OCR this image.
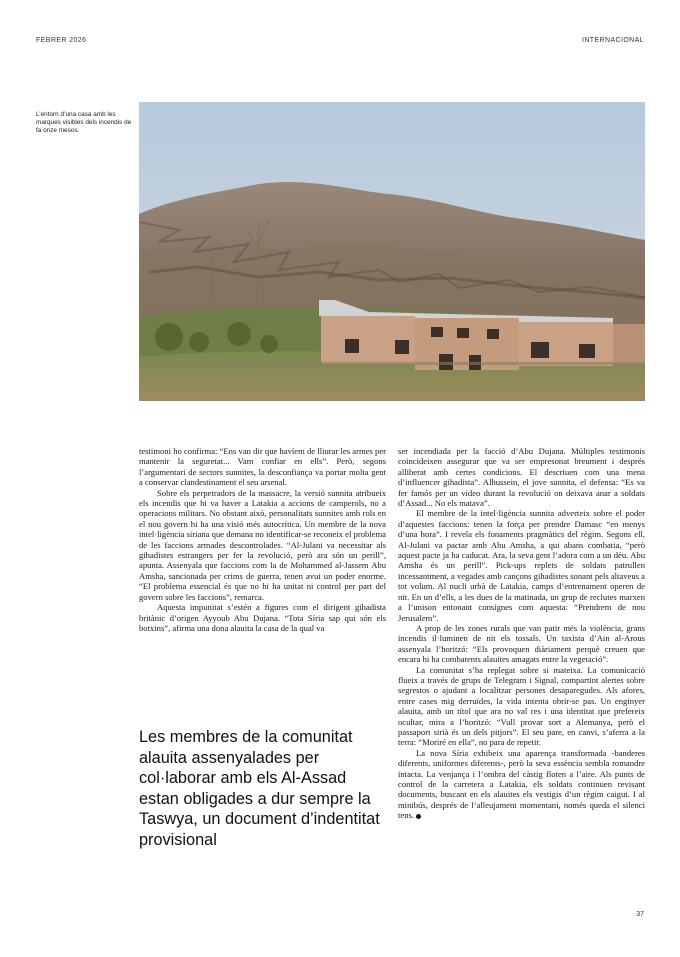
FEBRER 2026	INTERNACIONAL
L’entorn d’una casa amb les marques visibles dels incendis de fa onze mesos.

testimoni ho confirma: “Ens van dir que havíem de lliurar les armes per mantenir la seguretat... Vam confiar en ells”. Però, segons l’argumentari de sectors sunnites, la desconfiança va portar molta gent a conservar clandestinament el seu arsenal.

Sobre els perpetradors de la massacre, la versió sunnita atribueix els incendis que hi va haver a Latakia a accions de camperols, no a operacions militars. No obstant això, personalitats sunnites amb rols en el nou govern hi ha una visió més autocrítica. Un membre de la nova intel·ligència siriana que demana no identificar-se reconeix el problema de les faccions armades descontrolades. “Al-Julani va necessitar als gihadistes estrangers per fer la revolució, però ara són un perill”, apunta. Assenyala que faccions com la de Mohammed al-Jassem Abu Amsha, sancionada per crims de guerra, tenen avui un poder enorme. “El problema essencial és que no hi ha unitat ni control per part del govern sobre les faccions”, remarca.

Aquesta impunitat s’estén a figures com el dirigent gihadista britànic d’origen Ayyoub Abu Dujana. “Tota Síria sap qui són els botxins”, afirma una dona alauita la casa de la qual va

ser incendiada per la facció d’Abu Dujana. Múltiples testimonis coincideixen assegurar que va ser empresonat breument i després alliberat amb certes condicions. El descriuen com una mena d’influencer gihadista”. Alhussein, el jove sunnita, el defensa: “Es va fer famós per un vídeo durant la revolució on deixava anar a soldats d’Assad... No els matava”.

El membre de la intel·ligència sunnita adverteix sobre el poder d’aquestes faccions: tenen la força per prendre Damasc “en menys d’una hora”. I revela els fonaments pragmàtics del règim. Segons ell, Al-Julani va pactar amb Abu Amsha, a qui abans combatia, “però aquest pacte ja ha caducat. Ara, la seva gent l’adora com a un déu. Abu Amsha és un perill”. Pick-ups replets de soldats patrullen incessantment, a vegades amb cançons gihadistes sonant pels altaveus a tot volum. Al nucli urbà de Latakia, camps d’entrenament operen de nit. En un d’ells, a les dues de la matinada, un grup de reclutes marxen a l’unison entonant consignes com aquesta: “Prendrem de nou Jerusalem”.

A prop de les zones rurals que van patir més la violència, grans incendis il·luminen de nit els tossals. Un taxista d’Ain al-Arous assenyala l’horitzó: “Els provoquen diàriament perquè creuen que encara hi ha combatents alauites amagats entre la vegetació”.

La comunitat s’ha replegat sobre si mateixa. La comunicació flueix a través de grups de Telegram i Signal, compartint alertes sobre segrestos o ajudant a localitzar persones desaparegudes. Als afores, entre cases mig derruïdes, la vida intenta obrir-se pas. Un enginyer alauita, amb un títol que ara no val res i una identitat que prefereix ocultar, mira a l’horitzó: “Vull provar sort a Alemanya, però el passaport sirià és un dels pitjors”. El seu pare, en canvi, s’aferra a la terra: “Moriré en ella”, no para de repetir.

La nova Síria exhibeix una aparença transformada -banderes diferents, uniformes diferents-, però la seva essència sembla romandre intacta. La venjança i l’ombra del càstig floten a l’aire. Als punts de control de la carretera a Latakia, els soldats continuen revisant documents, buscant en els alauites els vestigis d’un règim caigut. I al minibús, després de l’alleujament momentani, només queda el silenci tens.

Les membres de la comunitat alauita assenyalades per col·laborar amb els Al-Assad estan obligades a dur sempre la Taswya, un document d’indentitat provisional
37
